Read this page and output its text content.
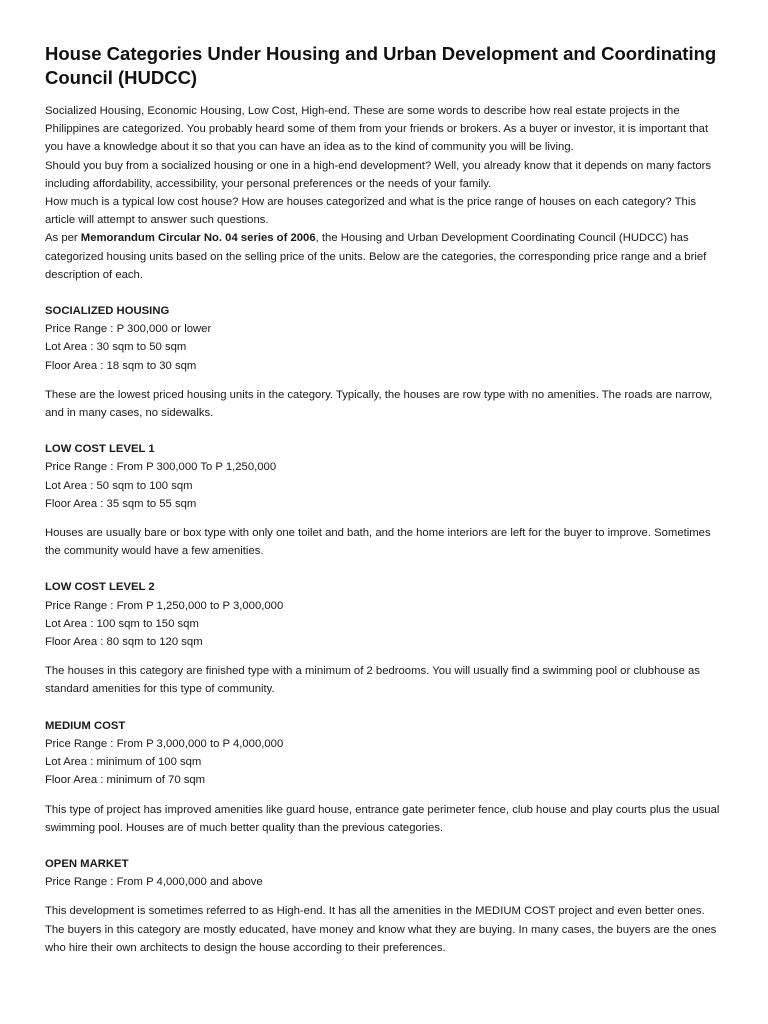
House Categories Under Housing and Urban Development and Coordinating Council (HUDCC)

Socialized Housing, Economic Housing, Low Cost, High-end. These are some words to describe how real estate projects in the Philippines are categorized. You probably heard some of them from your friends or brokers. As a buyer or investor, it is important that you have a knowledge about it so that you can have an idea as to the kind of community you will be living.

Should you buy from a socialized housing or one in a high-end development? Well, you already know that it depends on many factors including affordability, accessibility, your personal preferences or the needs of your family.

How much is a typical low cost house? How are houses categorized and what is the price range of houses on each category? This article will attempt to answer such questions.

As per Memorandum Circular No. 04 series of 2006, the Housing and Urban Development Coordinating Council (HUDCC) has categorized housing units based on the selling price of the units. Below are the categories, the corresponding price range and a brief description of each.

SOCIALIZED HOUSING
Price Range : P 300,000 or lower
Lot Area : 30 sqm to 50 sqm
Floor Area : 18 sqm to 30 sqm
These are the lowest priced housing units in the category. Typically, the houses are row type with no amenities. The roads are narrow, and in many cases, no sidewalks.
LOW COST LEVEL 1
Price Range : From P 300,000 To P 1,250,000
Lot Area : 50 sqm to 100 sqm
Floor Area : 35 sqm to 55 sqm
Houses are usually bare or box type with only one toilet and bath, and the home interiors are left for the buyer to improve. Sometimes the community would have a few amenities.
LOW COST LEVEL 2
Price Range : From P 1,250,000 to P 3,000,000
Lot Area : 100 sqm to 150 sqm
Floor Area : 80 sqm to 120 sqm
The houses in this category are finished type with a minimum of 2 bedrooms. You will usually find a swimming pool or clubhouse as standard amenities for this type of community.
MEDIUM COST
Price Range : From P 3,000,000 to P 4,000,000
Lot Area : minimum of 100 sqm
Floor Area : minimum of 70 sqm
This type of project has improved amenities like guard house, entrance gate perimeter fence, club house and play courts plus the usual swimming pool. Houses are of much better quality than the previous categories.
OPEN MARKET
Price Range : From P 4,000,000 and above
This development is sometimes referred to as High-end. It has all the amenities in the MEDIUM COST project and even better ones. The buyers in this category are mostly educated, have money and know what they are buying. In many cases, the buyers are the ones who hire their own architects to design the house according to their preferences.
